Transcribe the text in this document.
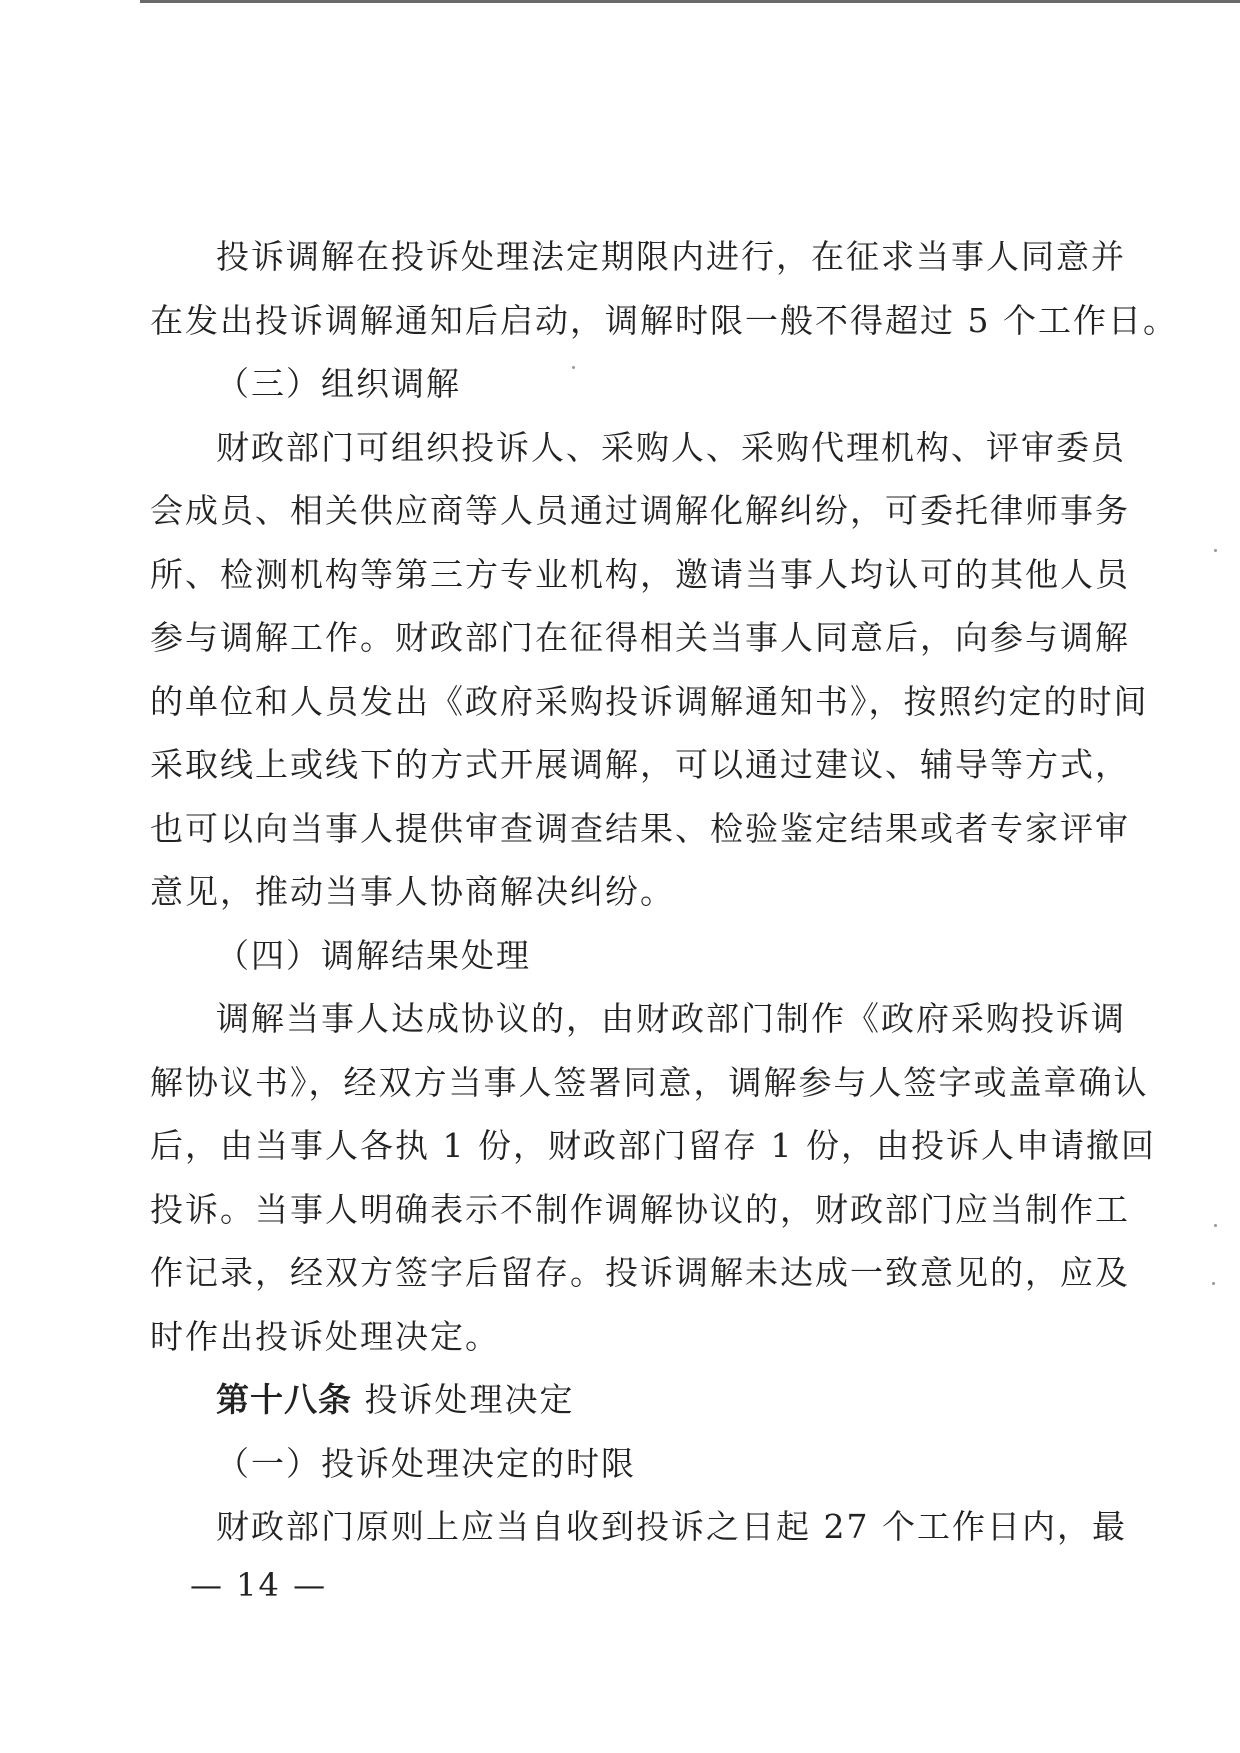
投诉调解在投诉处理法定期限内进行，在征求当事人同意并
在发出投诉调解通知后启动，调解时限一般不得超过 5 个工作日。
（三）组织调解
财政部门可组织投诉人、采购人、采购代理机构、评审委员
会成员、相关供应商等人员通过调解化解纠纷，可委托律师事务
所、检测机构等第三方专业机构，邀请当事人均认可的其他人员
参与调解工作。财政部门在征得相关当事人同意后，向参与调解
的单位和人员发出《政府采购投诉调解通知书》，按照约定的时间
采取线上或线下的方式开展调解，可以通过建议、辅导等方式，
也可以向当事人提供审查调查结果、检验鉴定结果或者专家评审
意见，推动当事人协商解决纠纷。
（四）调解结果处理
调解当事人达成协议的，由财政部门制作《政府采购投诉调
解协议书》，经双方当事人签署同意，调解参与人签字或盖章确认
后，由当事人各执 1 份，财政部门留存 1 份，由投诉人申请撤回
投诉。当事人明确表示不制作调解协议的，财政部门应当制作工
作记录，经双方签字后留存。投诉调解未达成一致意见的，应及
时作出投诉处理决定。
第十八条 投诉处理决定
（一）投诉处理决定的时限
财政部门原则上应当自收到投诉之日起 27 个工作日内，最
— 14 —
